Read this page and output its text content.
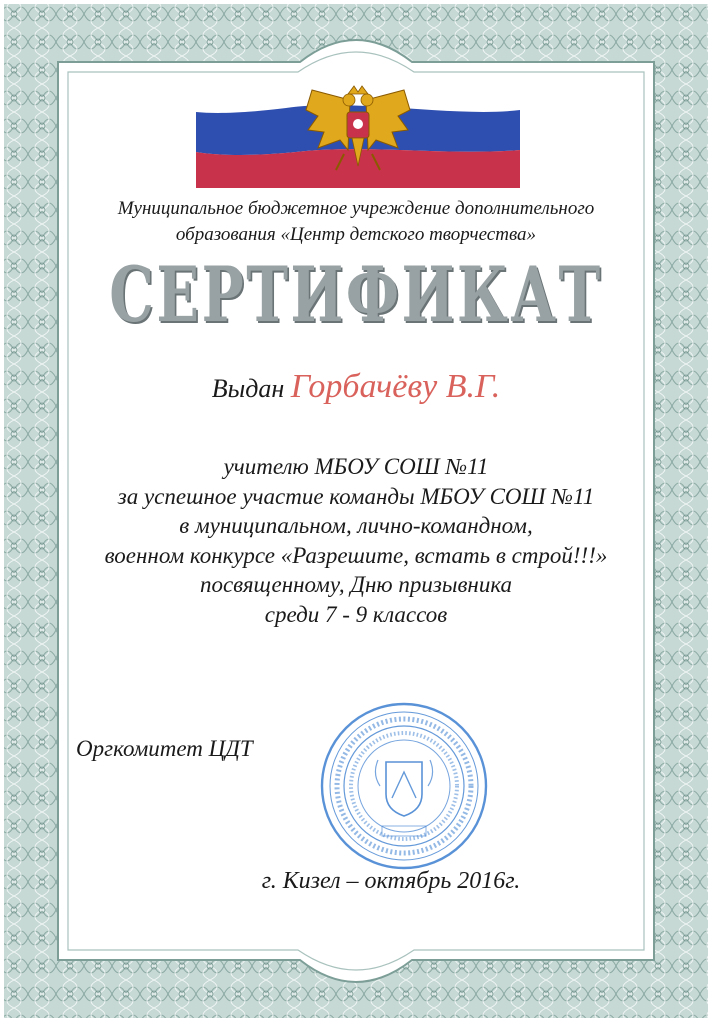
Муниципальное бюджетное учреждение дополнительного
образования «Центр детского творчества»
СЕРТИФИКАТ
Выдан Горбачёву В.Г.
учителю МБОУ СОШ №11
за успешное участие команды МБОУ СОШ №11
в муниципальном, лично-командном,
военном конкурсе «Разрешите, встать в строй!!!»
посвященному, Дню призывника
среди 7 - 9 классов
Оргкомитет ЦДТ
г. Кизел – октябрь 2016г.
